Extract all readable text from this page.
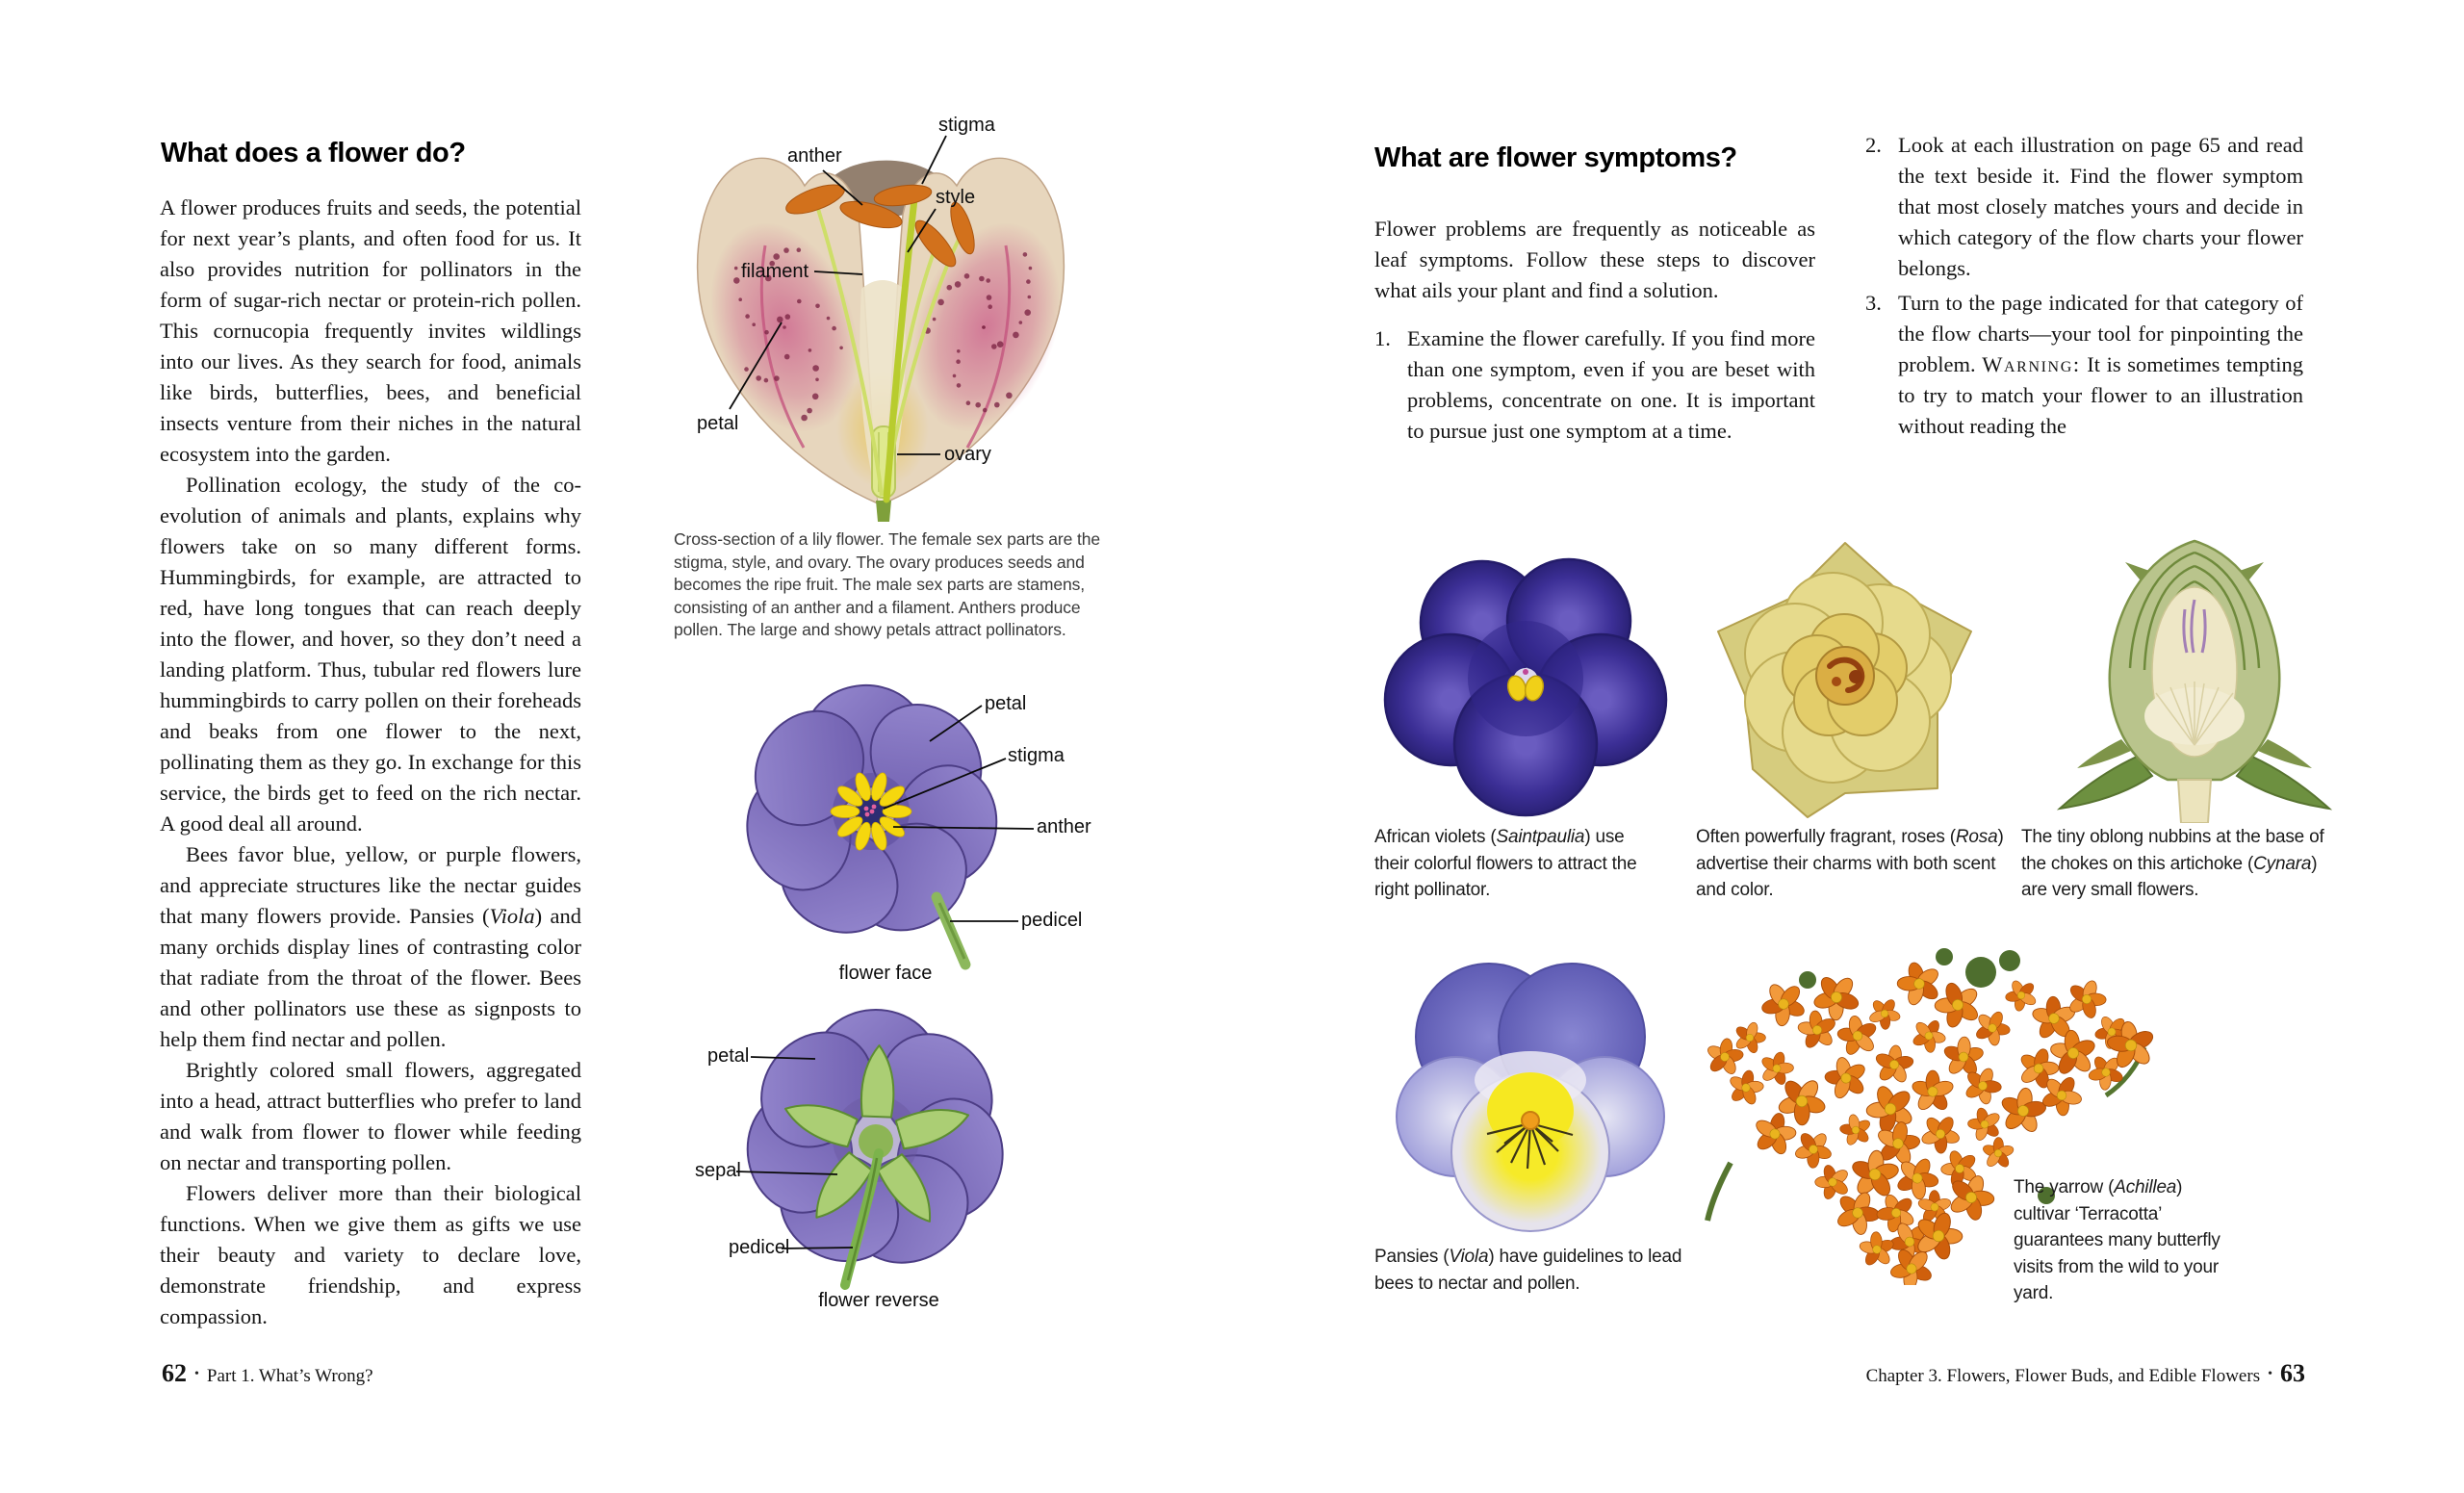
What does a flower do?

A flower produces fruits and seeds, the potential for next year’s plants, and often food for us. It also provides nutrition for pollinators in the form of sugar-rich nectar or protein-rich pollen. This cornucopia frequently invites wildlings into our lives. As they search for food, animals like birds, butterflies, bees, and beneficial insects venture from their niches in the natural ecosystem into the garden.

Pollination ecology, the study of the co-evolution of animals and plants, explains why flowers take on so many different forms. Hummingbirds, for example, are attracted to red, have long tongues that can reach deeply into the flower, and hover, so they don’t need a landing platform. Thus, tubular red flowers lure hummingbirds to carry pollen on their foreheads and beaks from one flower to the next, pollinating them as they go. In exchange for this service, the birds get to feed on the rich nectar. A good deal all around.

Bees favor blue, yellow, or purple flowers, and appreciate structures like the nectar guides that many flowers provide. Pansies (Viola) and many orchids display lines of contrasting color that radiate from the throat of the flower. Bees and other pollinators use these as signposts to help them find nectar and pollen.

Brightly colored small flowers, aggregated into a head, attract butterflies who prefer to land and walk from flower to flower while feeding on nectar and transporting pollen.

Flowers deliver more than their biological functions. When we give them as gifts we use their beauty and variety to declare love, demonstrate friendship, and express compassion.

stigma
anther
style
filament
petal
ovary
Cross-section of a lily flower. The female sex parts are the stigma, style, and ovary. The ovary produces seeds and becomes the ripe fruit. The male sex parts are stamens, consisting of an anther and a filament. Anthers produce pollen. The large and showy petals attract pollinators.
petal
stigma
anther
pedicel
flower face
petal
sepal
pedicel
flower reverse
62 • Part 1. What’s Wrong?
What are flower symptoms?

Flower problems are frequently as noticeable as leaf symptoms. Follow these steps to discover what ails your plant and find a solution.

1. Examine the flower carefully. If you find more than one symptom, even if you are beset with problems, concentrate on one. It is important to pursue just one symptom at a time.

2. Look at each illustration on page 65 and read the text beside it. Find the flower symptom that most closely matches yours and decide in which category of the flow charts your flower belongs.

3. Turn to the page indicated for that category of the flow charts—your tool for pinpointing the problem. Warning: It is sometimes tempting to try to match your flower to an illustration without reading the

African violets (Saintpaulia) use their colorful flowers to attract the right pollinator.
Often powerfully fragrant, roses (Rosa) advertise their charms with both scent and color.
The tiny oblong nubbins at the base of the chokes on this artichoke (Cynara) are very small flowers.
Pansies (Viola) have guidelines to lead bees to nectar and pollen.
The yarrow (Achillea) cultivar ‘Terracotta’ guarantees many butterfly visits from the wild to your yard.
Chapter 3. Flowers, Flower Buds, and Edible Flowers • 63
